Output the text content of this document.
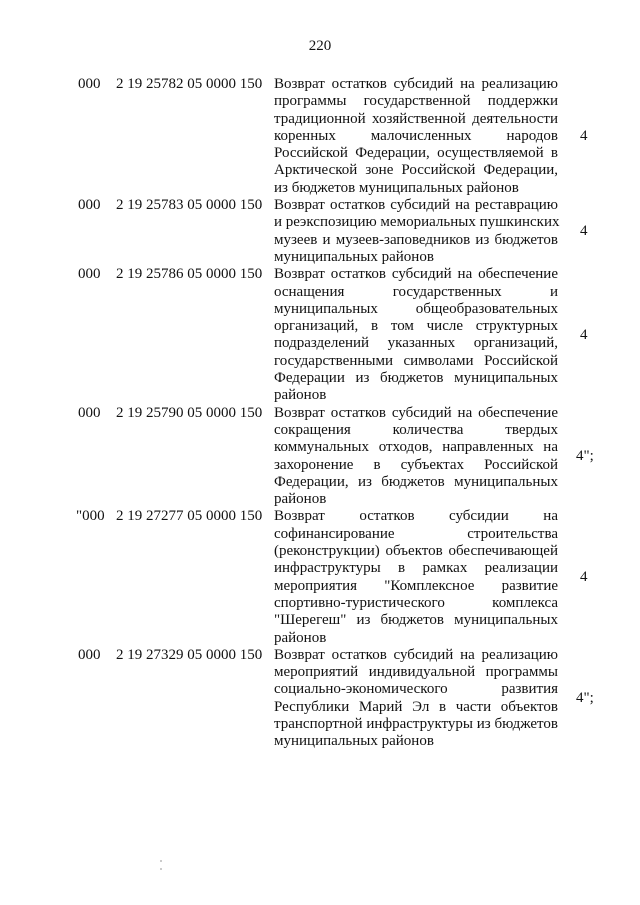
220
000	2 19 25782 05 0000 150 Возврат остатков субсидий на реализацию
программы государственной поддержки
традиционной хозяйственной деятельности
коренных малочисленных народов
Российской Федерации, осуществляемой в
Арктической зоне Российской Федерации,
из бюджетов муниципальных районов
4
000	2 19 25783 05 0000 150 Возврат остатков субсидий на реставрацию
и реэкспозицию мемориальных пушкинских
музеев и музеев-заповедников из бюджетов
муниципальных районов
4
000	2 19 25786 05 0000 150 Возврат остатков субсидий на обеспечение
оснащения государственных и
муниципальных общеобразовательных
организаций, в том числе структурных
подразделений указанных организаций,
государственными символами Российской
Федерации из бюджетов муниципальных
районов
4
000	2 19 25790 05 0000 150 Возврат остатков субсидий на обеспечение
сокращения количества твердых
коммунальных отходов, направленных на
захоронение в субъектах Российской
Федерации, из бюджетов муниципальных
районов
4";
"000 2 19 27277 05 0000 150 Возврат остатков субсидии на
софинансирование строительства
(реконструкции) объектов обеспечивающей
инфраструктуры в рамках реализации
мероприятия "Комплексное развитие
спортивно-туристического комплекса
"Шерегеш" из бюджетов муниципальных
районов
4
000	2 19 27329 05 0000 150 Возврат остатков субсидий на реализацию
мероприятий индивидуальной программы
социально-экономического развития
Республики Марий Эл в части объектов
транспортной инфраструктуры из бюджетов
муниципальных районов
4";
